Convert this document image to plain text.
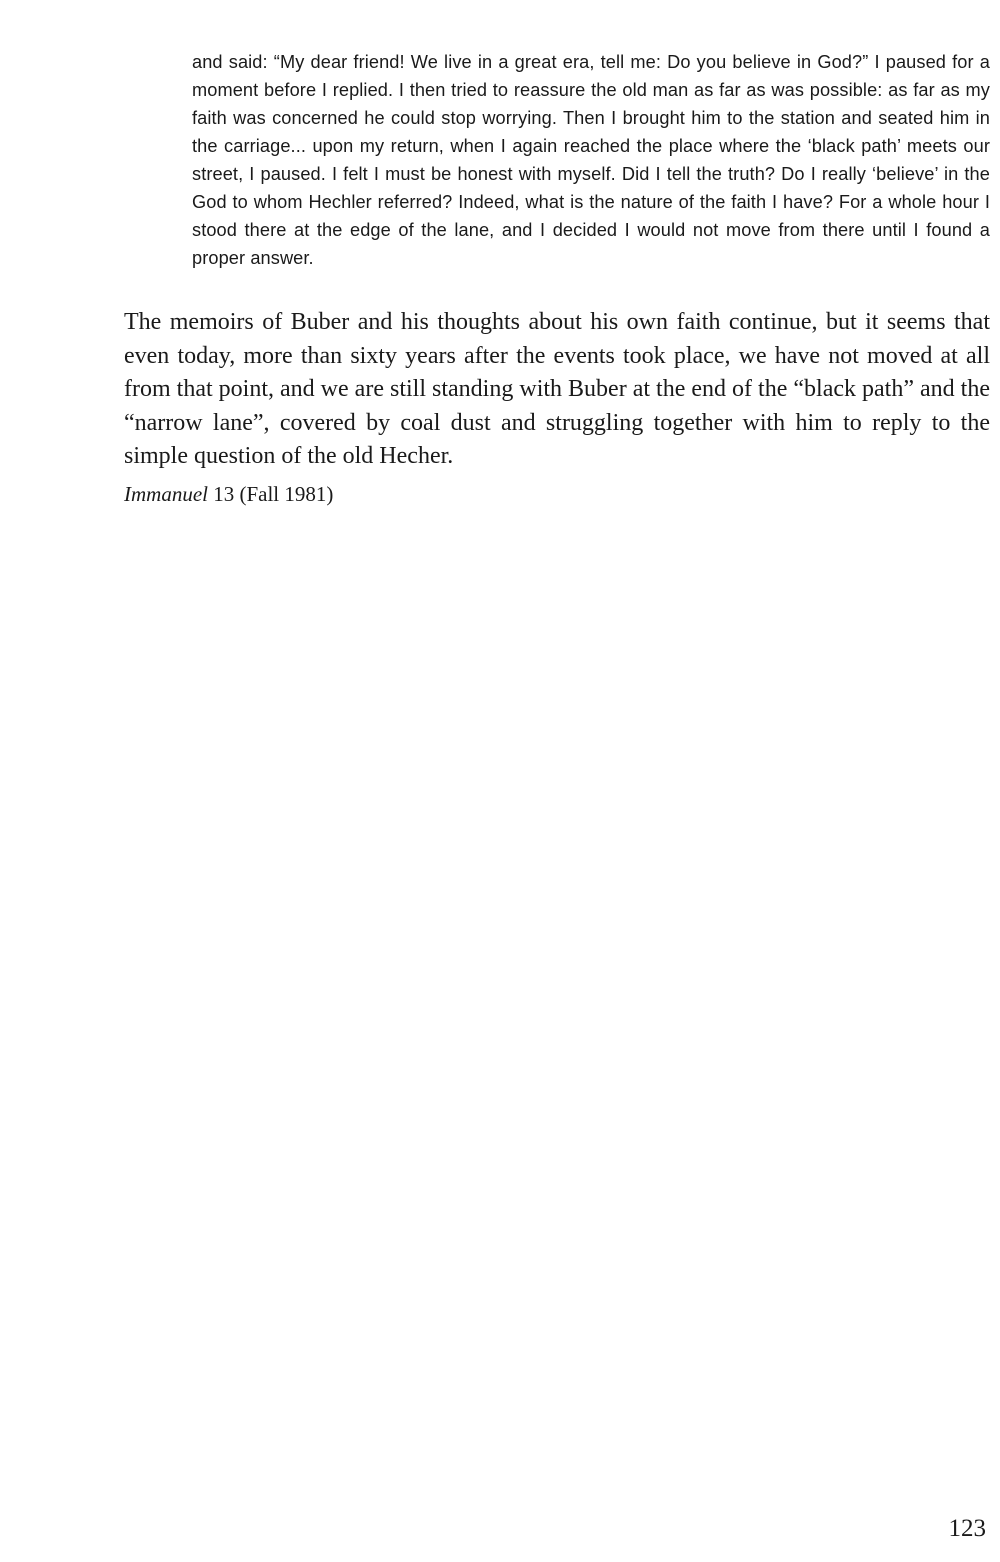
and said: “My dear friend! We live in a great era, tell me: Do you believe in God?” I paused for a moment before I replied. I then tried to reassure the old man as far as was possible: as far as my faith was concerned he could stop worrying. Then I brought him to the station and seated him in the carriage... upon my return, when I again reached the place where the ‘black path’ meets our street, I paused. I felt I must be honest with myself. Did I tell the truth? Do I really ‘believe’ in the God to whom Hechler referred? Indeed, what is the nature of the faith I have? For a whole hour I stood there at the edge of the lane, and I decided I would not move from there until I found a proper answer.

The memoirs of Buber and his thoughts about his own faith continue, but it seems that even today, more than sixty years after the events took place, we have not moved at all from that point, and we are still standing with Buber at the end of the “black path” and the “narrow lane”, covered by coal dust and struggling together with him to reply to the simple question of the old Hecher.

Immanuel 13 (Fall 1981)
123
